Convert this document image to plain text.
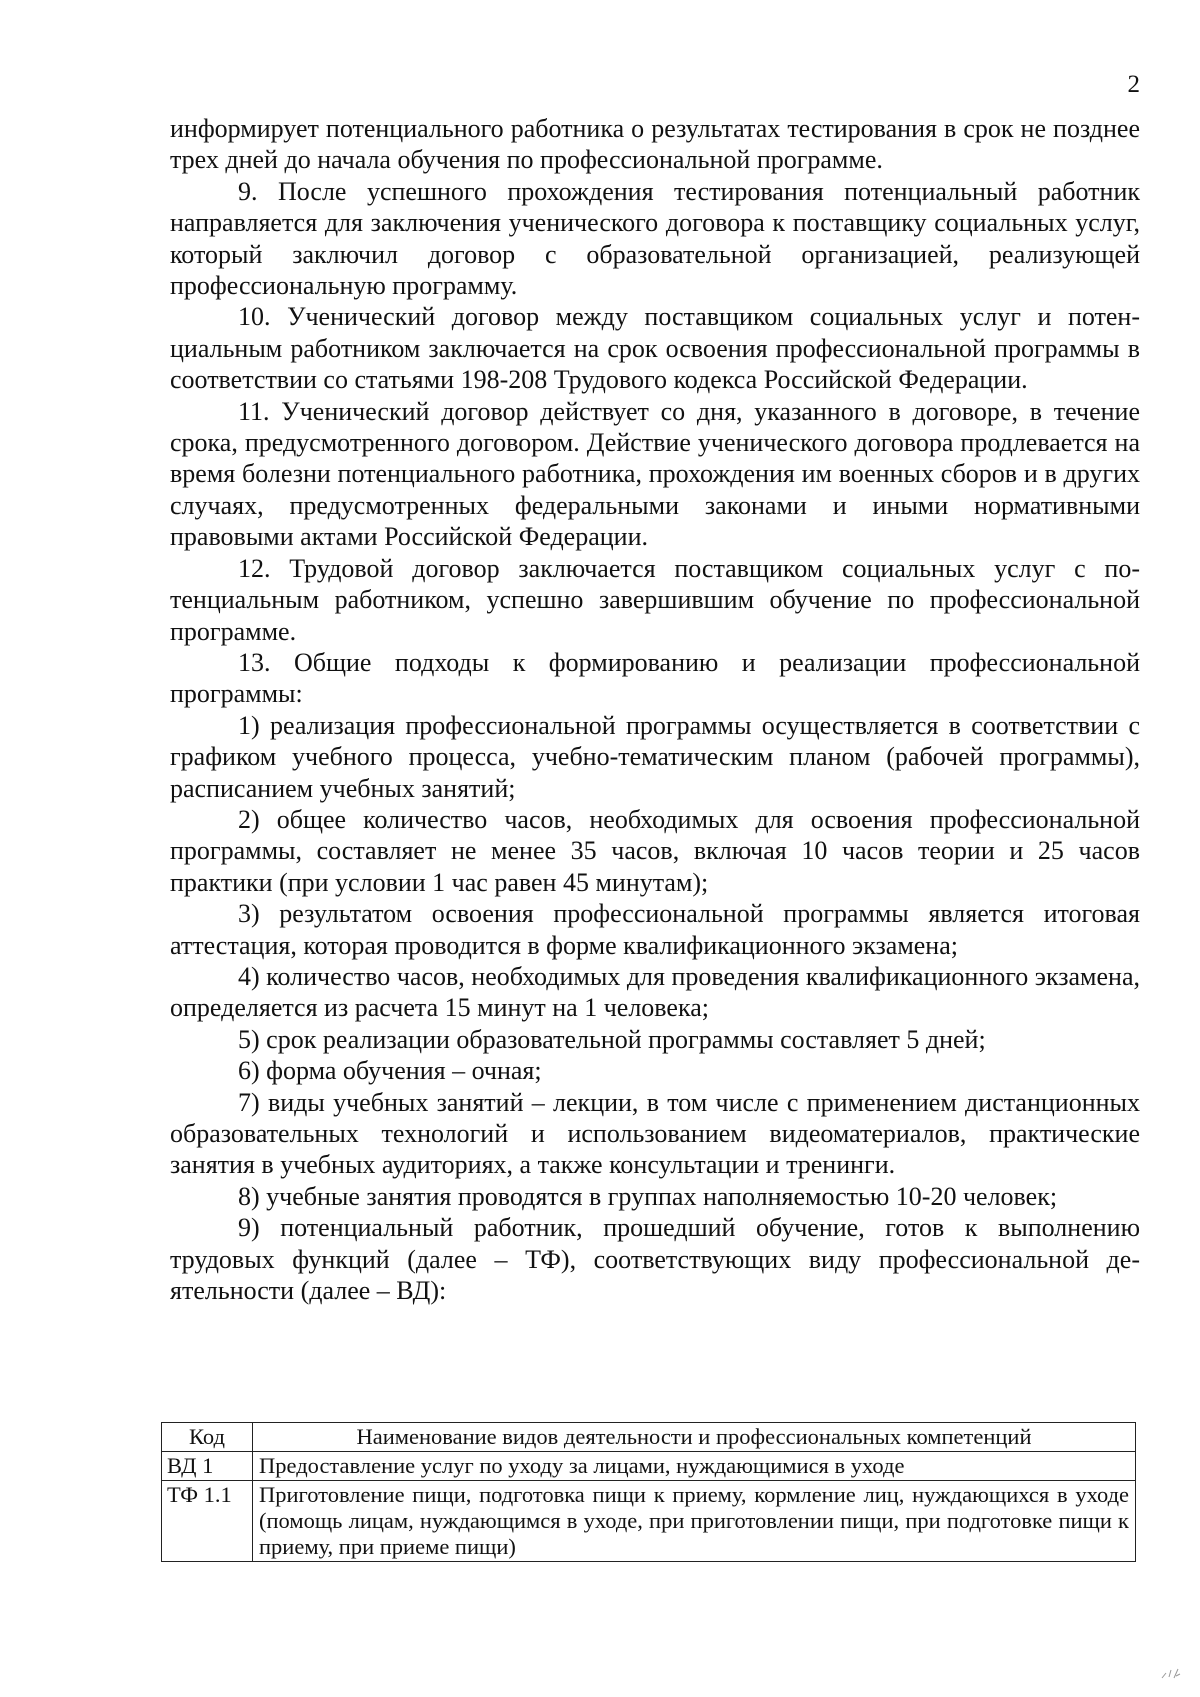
2

информирует потенциального работника о результатах тестирования в срок не позднее трех дней до начала обучения по профессиональной программе.

9. После успешного прохождения тестирования потенциальный работник направляется для заключения ученического договора к поставщику социальных услуг, который заключил договор с образовательной организацией, реализующей профессиональную программу.

10. Ученический договор между поставщиком социальных услуг и потенциальным работником заключается на срок освоения профессиональной программы в соответствии со статьями 198-208 Трудового кодекса Российской Федерации.

11. Ученический договор действует со дня, указанного в договоре, в течение срока, предусмотренного договором. Действие ученического договора продлевается на время болезни потенциального работника, прохождения им военных сборов и в других случаях, предусмотренных федеральными законами и иными нормативными правовыми актами Российской Федерации.

12. Трудовой договор заключается поставщиком социальных услуг с потенциальным работником, успешно завершившим обучение по профессиональной программе.

13. Общие подходы к формированию и реализации профессиональной программы:

1) реализация профессиональной программы осуществляется в соответствии с графиком учебного процесса, учебно-тематическим планом (рабочей программы), расписанием учебных занятий;

2) общее количество часов, необходимых для освоения профессиональной программы, составляет не менее 35 часов, включая 10 часов теории и 25 часов практики (при условии 1 час равен 45 минутам);

3) результатом освоения профессиональной программы является итоговая аттестация, которая проводится в форме квалификационного экзамена;

4) количество часов, необходимых для проведения квалификационного экзамена, определяется из расчета 15 минут на 1 человека;

5) срок реализации образовательной программы составляет 5 дней;

6) форма обучения – очная;

7) виды учебных занятий – лекции, в том числе с применением дистанционных образовательных технологий и использованием видеоматериалов, практические занятия в учебных аудиториях, а также консультации и тренинги.

8) учебные занятия проводятся в группах наполняемостью 10-20 человек;

9) потенциальный работник, прошедший обучение, готов к выполнению трудовых функций (далее – ТФ), соответствующих виду профессиональной деятельности (далее – ВД):

Код	Наименование видов деятельности и профессиональных компетенций
ВД 1	Предоставление услуг по уходу за лицами, нуждающимися в уходе
ТФ 1.1	Приготовление пищи, подготовка пищи к приему, кормление лиц, нуждающихся в уходе (помощь лицам, нуждающимся в уходе, при приготовлении пищи, при подготовке пищи к приему, при приеме пищи)
